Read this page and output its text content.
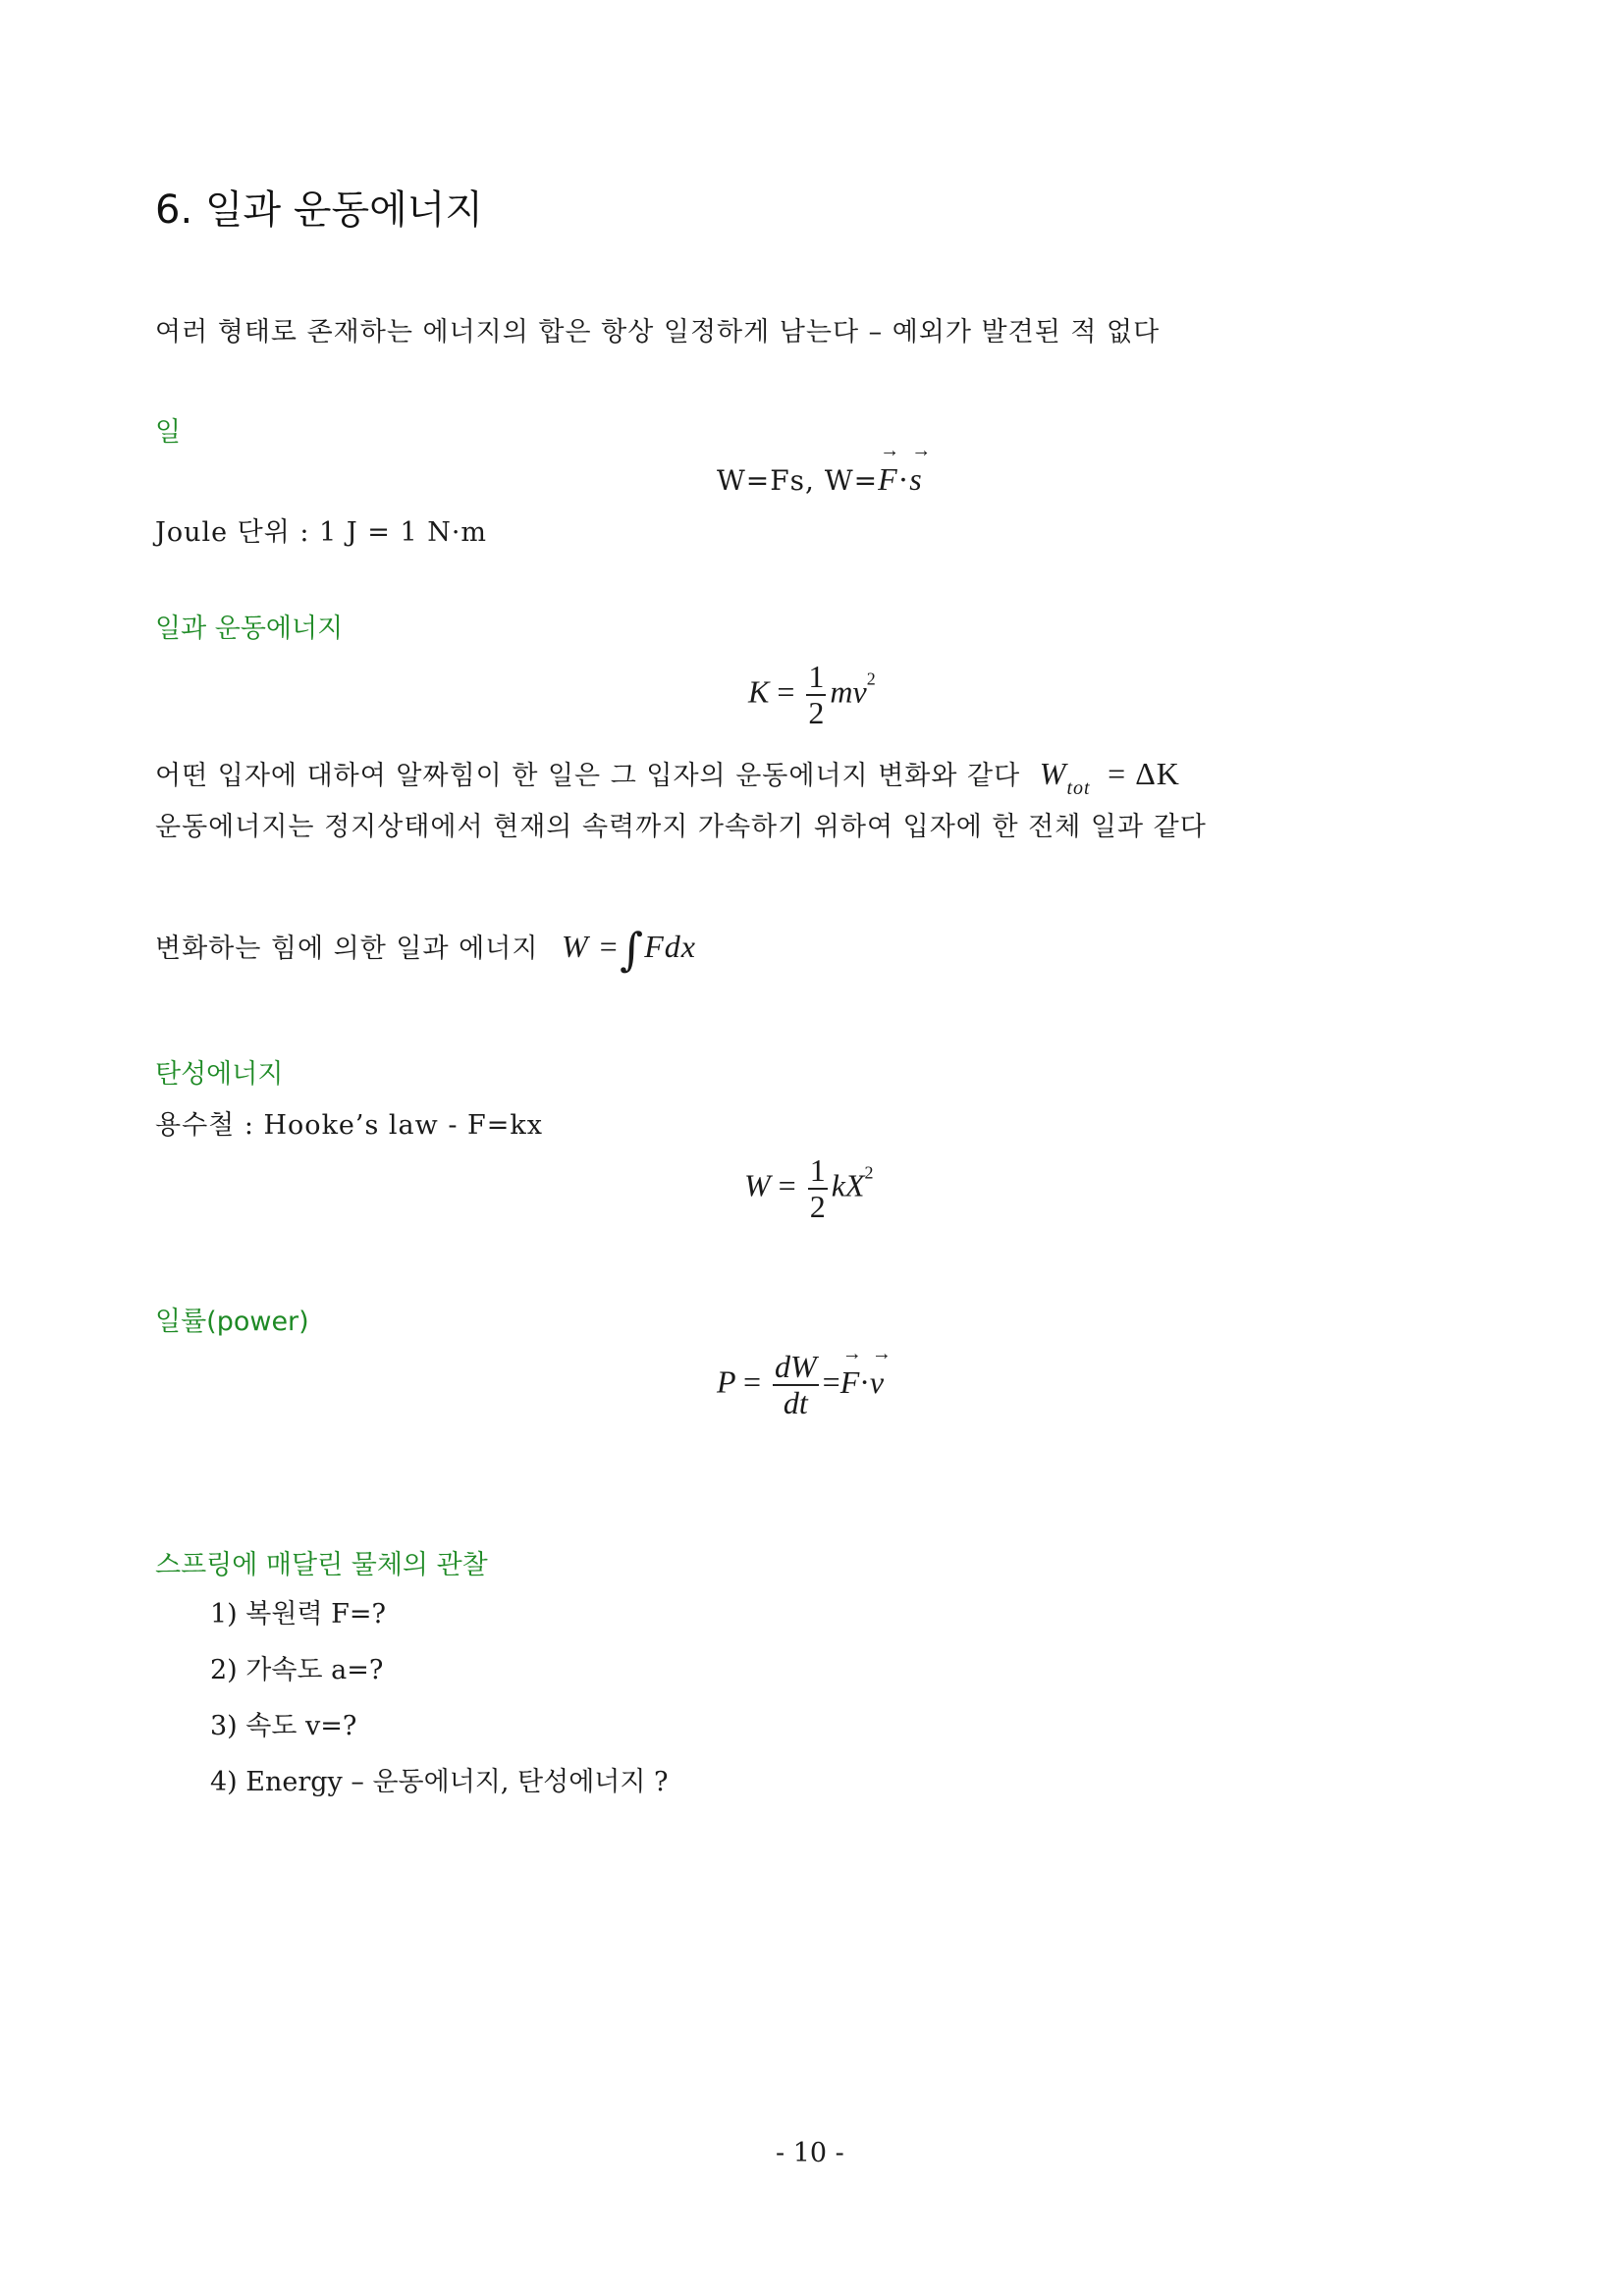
6. 일과 운동에너지
여러 형태로 존재하는 에너지의 합은 항상 일정하게 남는다 – 예외가 발견된 적 없다
일
W=Fs, W=→ F·→ s
Joule 단위 : 1 J = 1 N·m
일과 운동에너지
$K = \frac{1}{2} mv^2$
어떤 입자에 대하여 알짜힘이 한 일은 그 입자의 운동에너지 변화와 같다 $W_{tot} = \Delta K$
운동에너지는 정지상태에서 현재의 속력까지 가속하기 위하여 입자에 한 전체 일과 같다
변화하는 힘에 의한 일과 에너지 W =∫Fdx
탄성에너지
용수철 : Hooke’s law - F=kx
$W = \frac{1}{2} kX^2$
일률(power)
$P = \frac{dW}{dt} =\to F\cdot\to v$
스프링에 매달린 물체의 관찰
1) 복원력 F=?
2) 가속도 a=?
3) 속도 v=?
4) Energy – 운동에너지, 탄성에너지 ?
- 10 -
